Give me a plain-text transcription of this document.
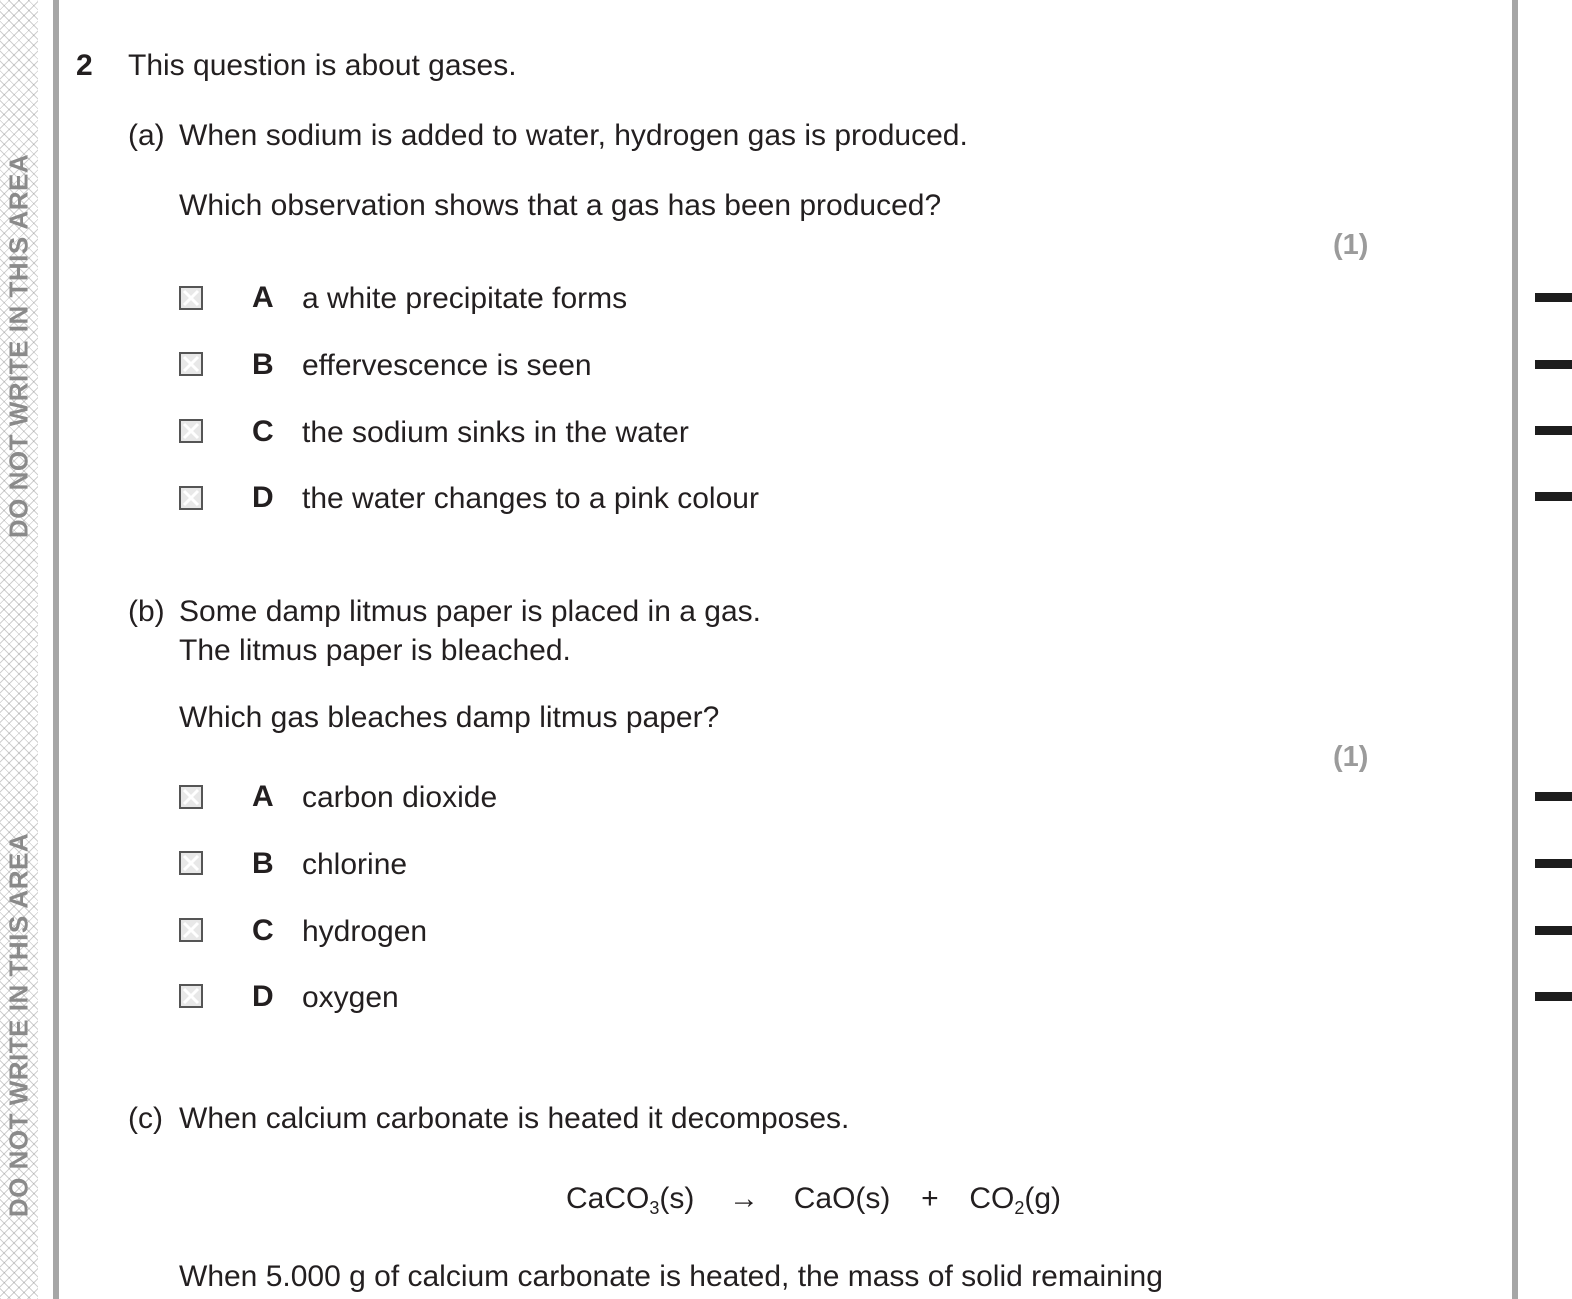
DO NOT WRITE IN THIS AREA
DO NOT WRITE IN THIS AREA
2 This question is about gases.
(a) When sodium is added to water, hydrogen gas is produced.
Which observation shows that a gas has been produced?
(1)
A a white precipitate forms
B effervescence is seen
C the sodium sinks in the water
D the water changes to a pink colour
(b) Some damp litmus paper is placed in a gas.
The litmus paper is bleached.
Which gas bleaches damp litmus paper?
(1)
A carbon dioxide
B chlorine
C hydrogen
D oxygen
(c) When calcium carbonate is heated it decomposes.
CaCO$_3$(s) → $CaO(s) + CO_2(g)$
When 5.000 g of calcium carbonate is heated, the mass of solid remaining
